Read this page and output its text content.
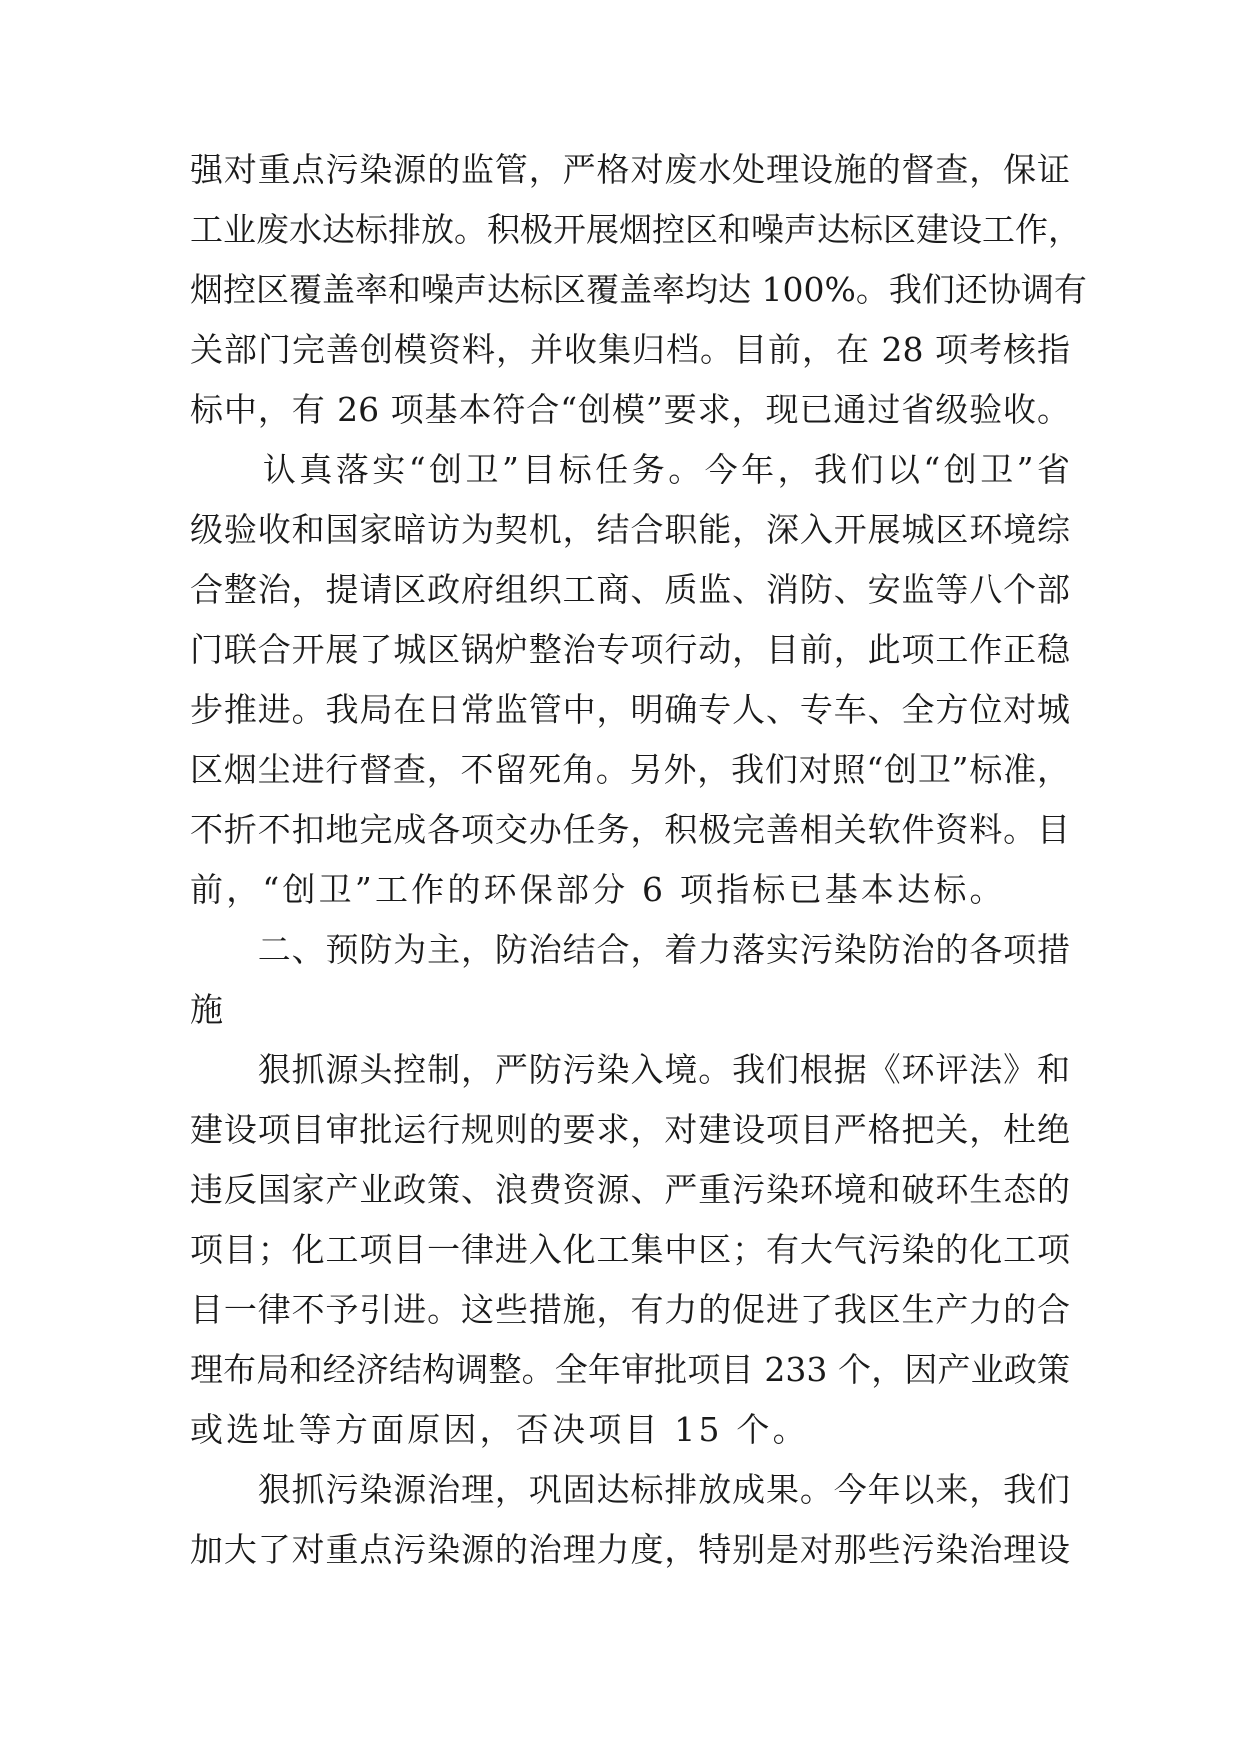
强对重点污染源的监管，严格对废水处理设施的督查，保证
工业废水达标排放。积极开展烟控区和噪声达标区建设工作，
烟控区覆盖率和噪声达标区覆盖率均达 100%。我们还协调有
关部门完善创模资料，并收集归档。目前，在 28 项考核指
标中，有 26 项基本符合“创模”要求，现已通过省级验收。
　　认真落实“创卫”目标任务。今年，我们以“创卫”省
级验收和国家暗访为契机，结合职能，深入开展城区环境综
合整治，提请区政府组织工商、质监、消防、安监等八个部
门联合开展了城区锅炉整治专项行动，目前，此项工作正稳
步推进。我局在日常监管中，明确专人、专车、全方位对城
区烟尘进行督查，不留死角。另外，我们对照“创卫”标准，
不折不扣地完成各项交办任务，积极完善相关软件资料。目
前，“创卫”工作的环保部分 6 项指标已基本达标。
　　二、预防为主，防治结合，着力落实污染防治的各项措
施
　　狠抓源头控制，严防污染入境。我们根据《环评法》和
建设项目审批运行规则的要求，对建设项目严格把关，杜绝
违反国家产业政策、浪费资源、严重污染环境和破环生态的
项目；化工项目一律进入化工集中区；有大气污染的化工项
目一律不予引进。这些措施，有力的促进了我区生产力的合
理布局和经济结构调整。全年审批项目 233 个，因产业政策
或选址等方面原因，否决项目 15 个。
　　狠抓污染源治理，巩固达标排放成果。今年以来，我们
加大了对重点污染源的治理力度，特别是对那些污染治理设
